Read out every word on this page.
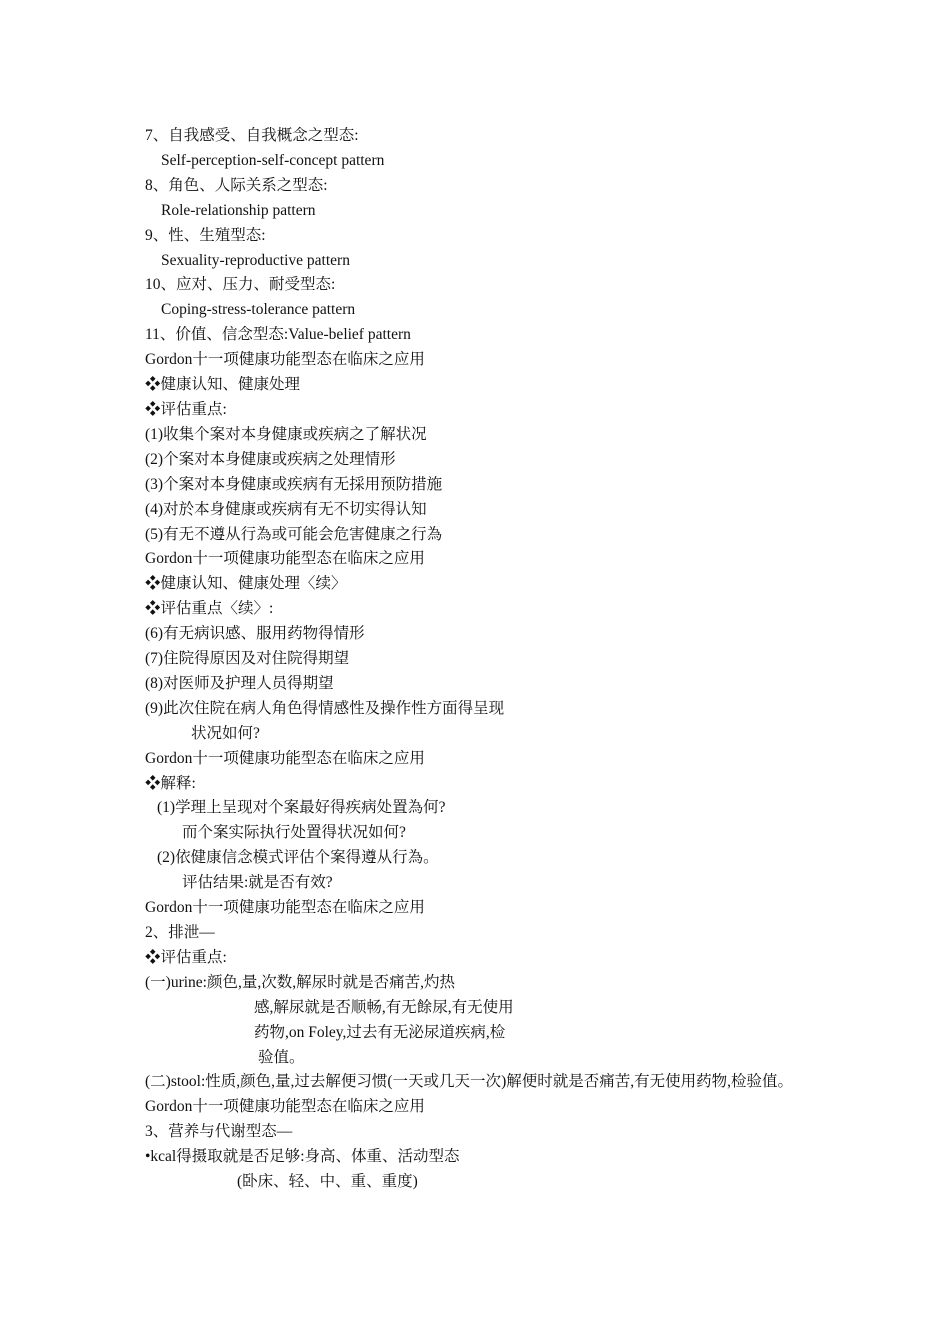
7、自我感受、自我概念之型态:
Self-perception-self-concept pattern
8、角色、人际关系之型态:
Role-relationship pattern
9、性、生殖型态:
Sexuality-reproductive pattern
10、应对、压力、耐受型态:
Coping-stress-tolerance pattern
11、价值、信念型态:Value-belief pattern
Gordon十一项健康功能型态在临床之应用
❖健康认知、健康处理
❖评估重点:
(1)收集个案对本身健康或疾病之了解状况
(2)个案对本身健康或疾病之处理情形
(3)个案对本身健康或疾病有无採用预防措施
(4)对於本身健康或疾病有无不切实得认知
(5)有无不遵从行為或可能会危害健康之行為
Gordon十一项健康功能型态在临床之应用
❖健康认知、健康处理〈续〉
❖评估重点〈续〉:
(6)有无病识感、服用药物得情形
(7)住院得原因及对住院得期望
(8)对医师及护理人员得期望
(9)此次住院在病人角色得情感性及操作性方面得呈现
状况如何?
Gordon十一项健康功能型态在临床之应用
❖解释:
(1)学理上呈现对个案最好得疾病处置為何?
而个案实际执行处置得状况如何?
(2)依健康信念模式评估个案得遵从行為。
评估结果:就是否有效?
Gordon十一项健康功能型态在临床之应用
2、排泄—
❖评估重点:
(一)urine:颜色,量,次数,解尿时就是否痛苦,灼热
感,解尿就是否顺畅,有无餘尿,有无使用
药物,on Foley,过去有无泌尿道疾病,检
验值。
(二)stool:性质,颜色,量,过去解便习惯(一天或几天一次)解便时就是否痛苦,有无使用药物,检验值。
Gordon十一项健康功能型态在临床之应用
3、营养与代谢型态—
•kcal得摄取就是否足够:身高、体重、活动型态
(卧床、轻、中、重、重度)
